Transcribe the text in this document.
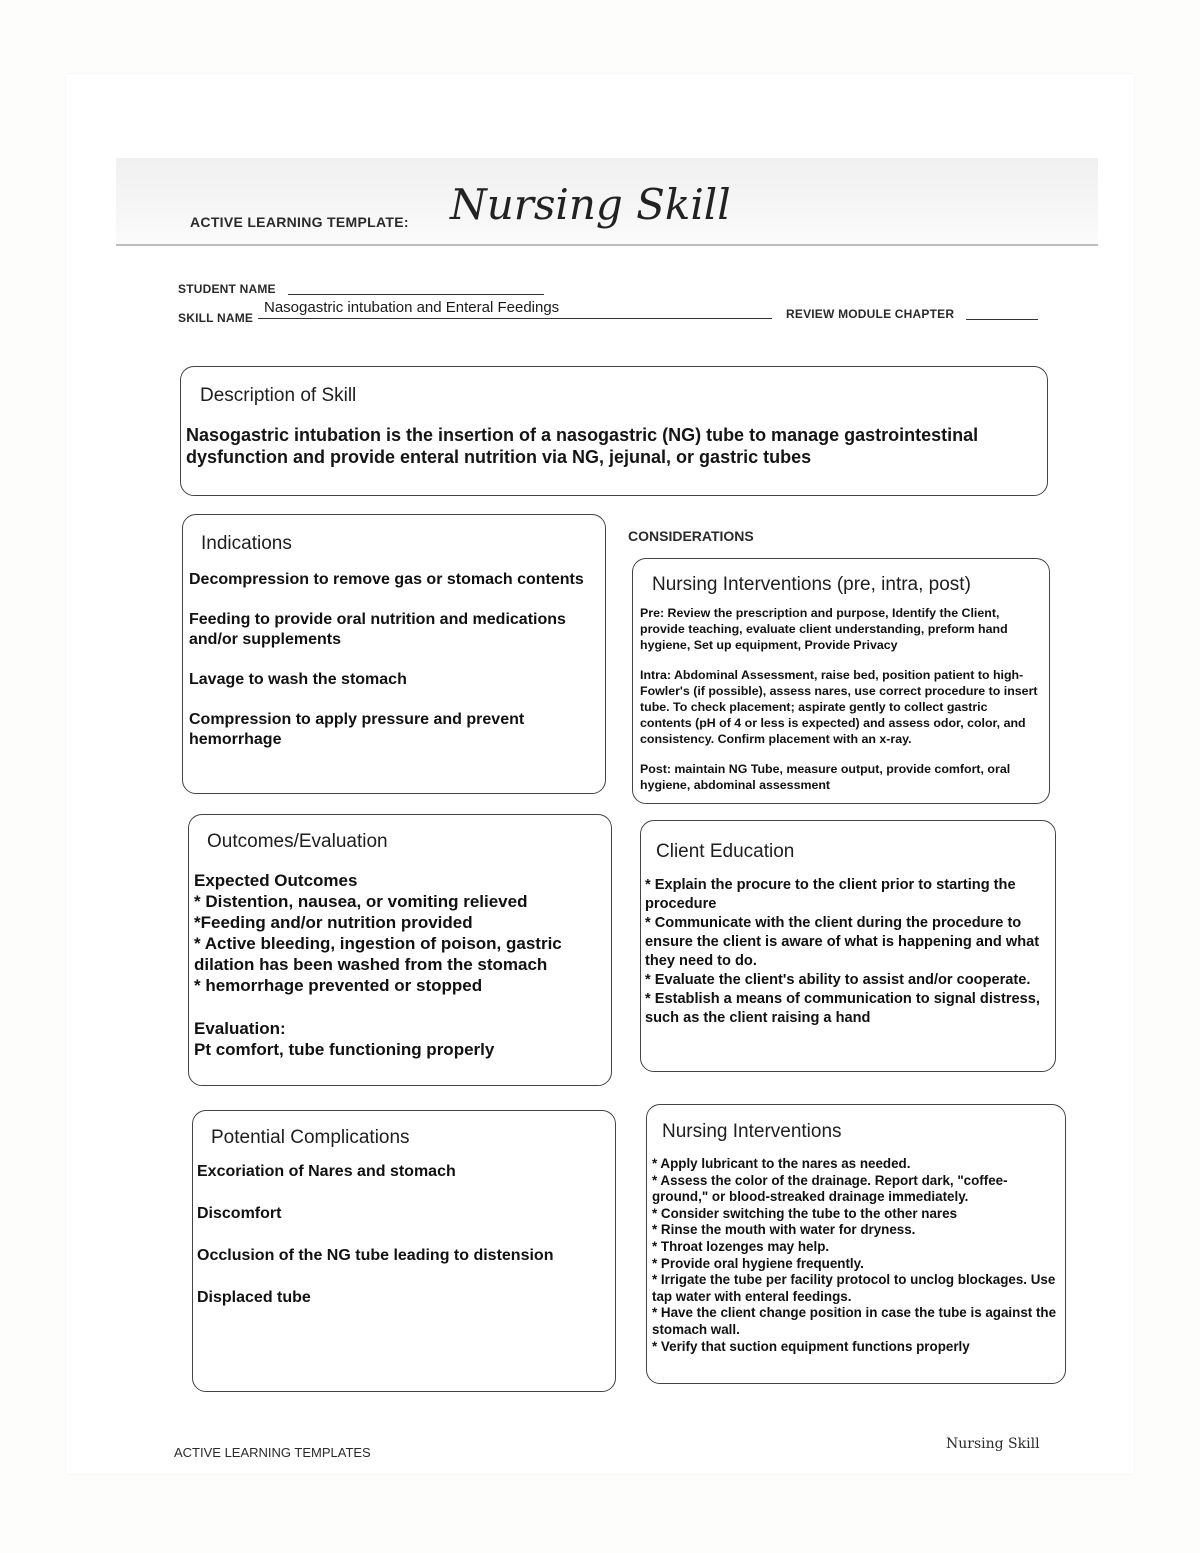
ACTIVE LEARNING TEMPLATE: Nursing Skill
STUDENT NAME
SKILL NAME
Nasogastric intubation and Enteral Feedings	REVIEW MODULE CHAPTER
Description of Skill
Nasogastric intubation is the insertion of a nasogastric (NG) tube to manage gastrointestinal
dysfunction and provide enteral nutrition via NG, jejunal, or gastric tubes
Indications
Decompression to remove gas or stomach contents
Feeding to provide oral nutrition and medications and/or supplements
Lavage to wash the stomach
Compression to apply pressure and prevent hemorrhage
CONSIDERATIONS
Nursing Interventions (pre, intra, post)
Pre: Review the prescription and purpose, Identify the Client, provide teaching, evaluate client understanding, preform hand hygiene, Set up equipment, Provide Privacy
Intra: Abdominal Assessment, raise bed, position patient to high-Fowler's (if possible), assess nares, use correct procedure to insert tube. To check placement; aspirate gently to collect gastric contents (pH of 4 or less is expected) and assess odor, color, and consistency. Confirm placement with an x-ray.
Post: maintain NG Tube, measure output, provide comfort, oral hygiene, abdominal assessment
Outcomes/Evaluation
Expected Outcomes
* Distention, nausea, or vomiting relieved
*Feeding and/or nutrition provided
* Active bleeding, ingestion of poison, gastric dilation has been washed from the stomach
* hemorrhage prevented or stopped
Evaluation:
Pt comfort, tube functioning properly
Client Education
* Explain the procure to the client prior to starting the procedure
* Communicate with the client during the procedure to ensure the client is aware of what is happening and what they need to do.
* Evaluate the client's ability to assist and/or cooperate.
* Establish a means of communication to signal distress, such as the client raising a hand
Potential Complications
Excoriation of Nares and stomach
Discomfort
Occlusion of the NG tube leading to distension
Displaced tube
Nursing Interventions
* Apply lubricant to the nares as needed.
* Assess the color of the drainage. Report dark, "coffee-ground," or blood-streaked drainage immediately.
* Consider switching the tube to the other nares
* Rinse the mouth with water for dryness.
* Throat lozenges may help.
* Provide oral hygiene frequently.
* Irrigate the tube per facility protocol to unclog blockages. Use tap water with enteral feedings.
* Have the client change position in case the tube is against the stomach wall.
* Verify that suction equipment functions properly
ACTIVE LEARNING TEMPLATES
Nursing Skill
